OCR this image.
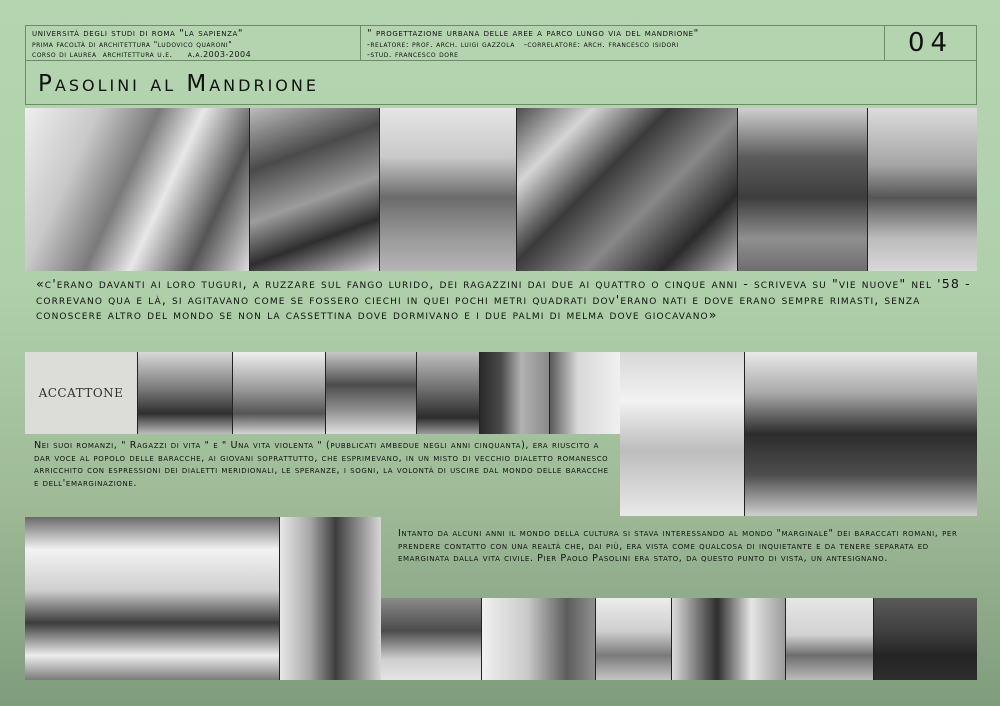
università degli studi di roma "la sapienza"
prima facoltà di architettura "ludovico quaroni"
corso di laurea  architettura u.e.     a.a.2003-2004
" progettazione urbana delle aree a parco lungo via del mandrione"
-relatore: prof. arch. luigi gazzola   -correlatore: arch. francesco isidori
-stud. francesco dore	04
Pasolini al Mandrione
«c'erano davanti ai loro tuguri, a ruzzare sul fango lurido, dei ragazzini dai due ai quattro o cinque anni - scriveva su "vie nuove" nel '58 - correvano qua e là, si agitavano come se fossero ciechi in quei pochi metri quadrati dov'erano nati e dove erano sempre rimasti, senza conoscere altro del mondo se non la cassettina dove dormivano e i due palmi di melma dove giocavano»
ACCATTONE
Nei suoi romanzi, " Ragazzi di vita " e " Una vita violenta " (pubblicati ambedue negli anni cinquanta), era riuscito a dar voce al popolo delle baracche, ai giovani soprattutto, che esprimevano, in un misto di vecchio dialetto romanesco arricchito con espressioni dei dialetti meridionali, le speranze, i sogni, la volontà di uscire dal mondo delle baracche e dell'emarginazione.
Intanto da alcuni anni il mondo della cultura si stava interessando al mondo "marginale" dei baraccati romani, per prendere contatto con una realtà che, dai più, era vista come qualcosa di inquietante e da tenere separata ed emarginata dalla vita civile. Pier Paolo Pasolini era stato, da questo punto di vista, un antesignano.
